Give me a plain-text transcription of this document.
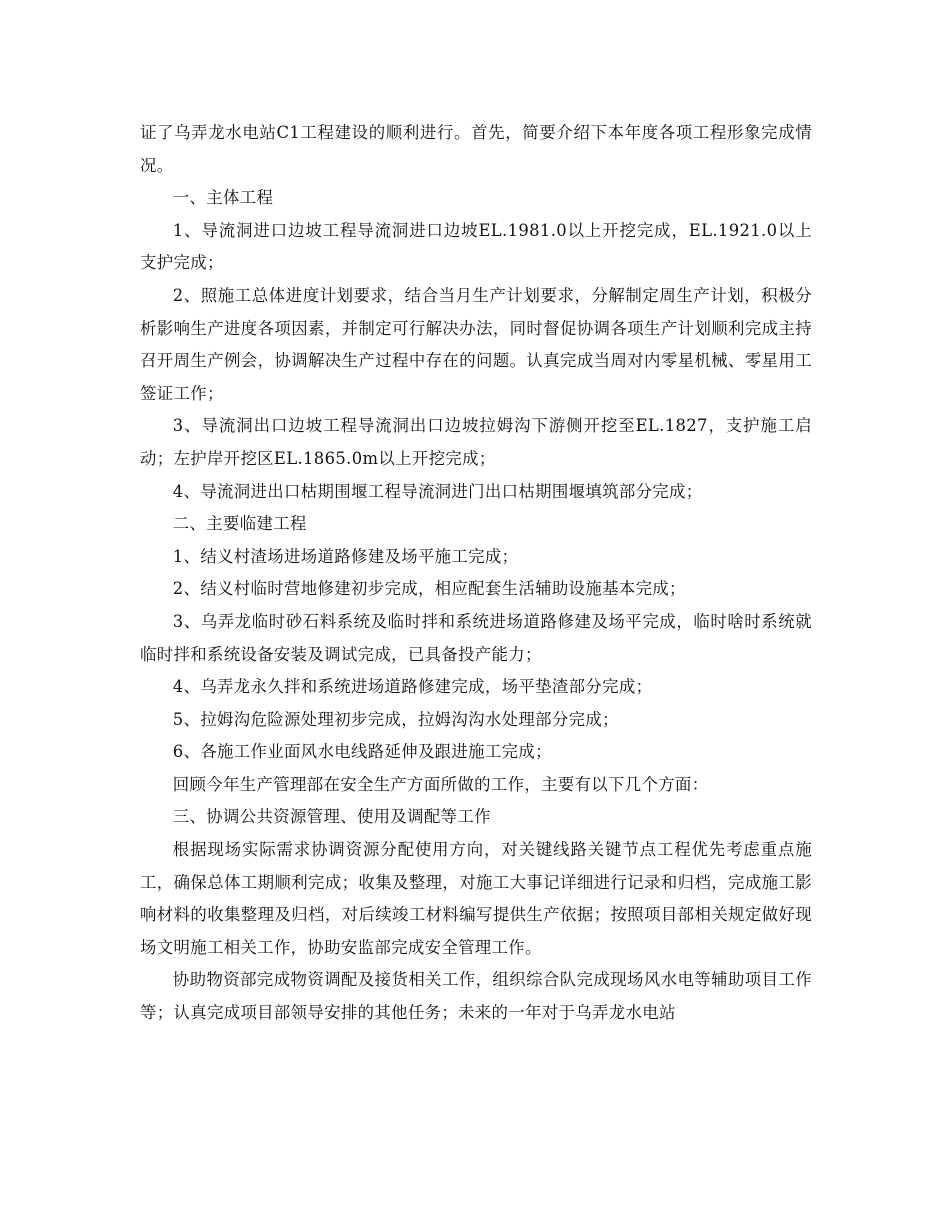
证了乌弄龙水电站C1工程建设的顺利进行。首先，简要介绍下本年度各项工程形象完成情况。

一、主体工程

1、导流洞进口边坡工程导流洞进口边坡EL.1981.0以上开挖完成，EL.1921.0以上支护完成；

2、照施工总体进度计划要求，结合当月生产计划要求，分解制定周生产计划，积极分析影响生产进度各项因素，并制定可行解决办法，同时督促协调各项生产计划顺利完成主持召开周生产例会，协调解决生产过程中存在的问题。认真完成当周对内零星机械、零星用工签证工作；

3、导流洞出口边坡工程导流洞出口边坡拉姆沟下游侧开挖至EL.1827，支护施工启动；左护岸开挖区EL.1865.0m以上开挖完成；

4、导流洞进出口枯期围堰工程导流洞进门出口枯期围堰填筑部分完成；

二、主要临建工程

1、结义村渣场进场道路修建及场平施工完成；

2、结义村临时营地修建初步完成，相应配套生活辅助设施基本完成；

3、乌弄龙临时砂石料系统及临时拌和系统进场道路修建及场平完成，临时啥时系统就临时拌和系统设备安装及调试完成，已具备投产能力；

4、乌弄龙永久拌和系统进场道路修建完成，场平垫渣部分完成；

5、拉姆沟危险源处理初步完成，拉姆沟沟水处理部分完成；

6、各施工作业面风水电线路延伸及跟进施工完成；

回顾今年生产管理部在安全生产方面所做的工作，主要有以下几个方面：

三、协调公共资源管理、使用及调配等工作

根据现场实际需求协调资源分配使用方向，对关键线路关键节点工程优先考虑重点施工，确保总体工期顺利完成；收集及整理，对施工大事记详细进行记录和归档，完成施工影响材料的收集整理及归档，对后续竣工材料编写提供生产依据；按照项目部相关规定做好现场文明施工相关工作，协助安监部完成安全管理工作。

协助物资部完成物资调配及接货相关工作，组织综合队完成现场风水电等辅助项目工作等；认真完成项目部领导安排的其他任务；未来的一年对于乌弄龙水电站
